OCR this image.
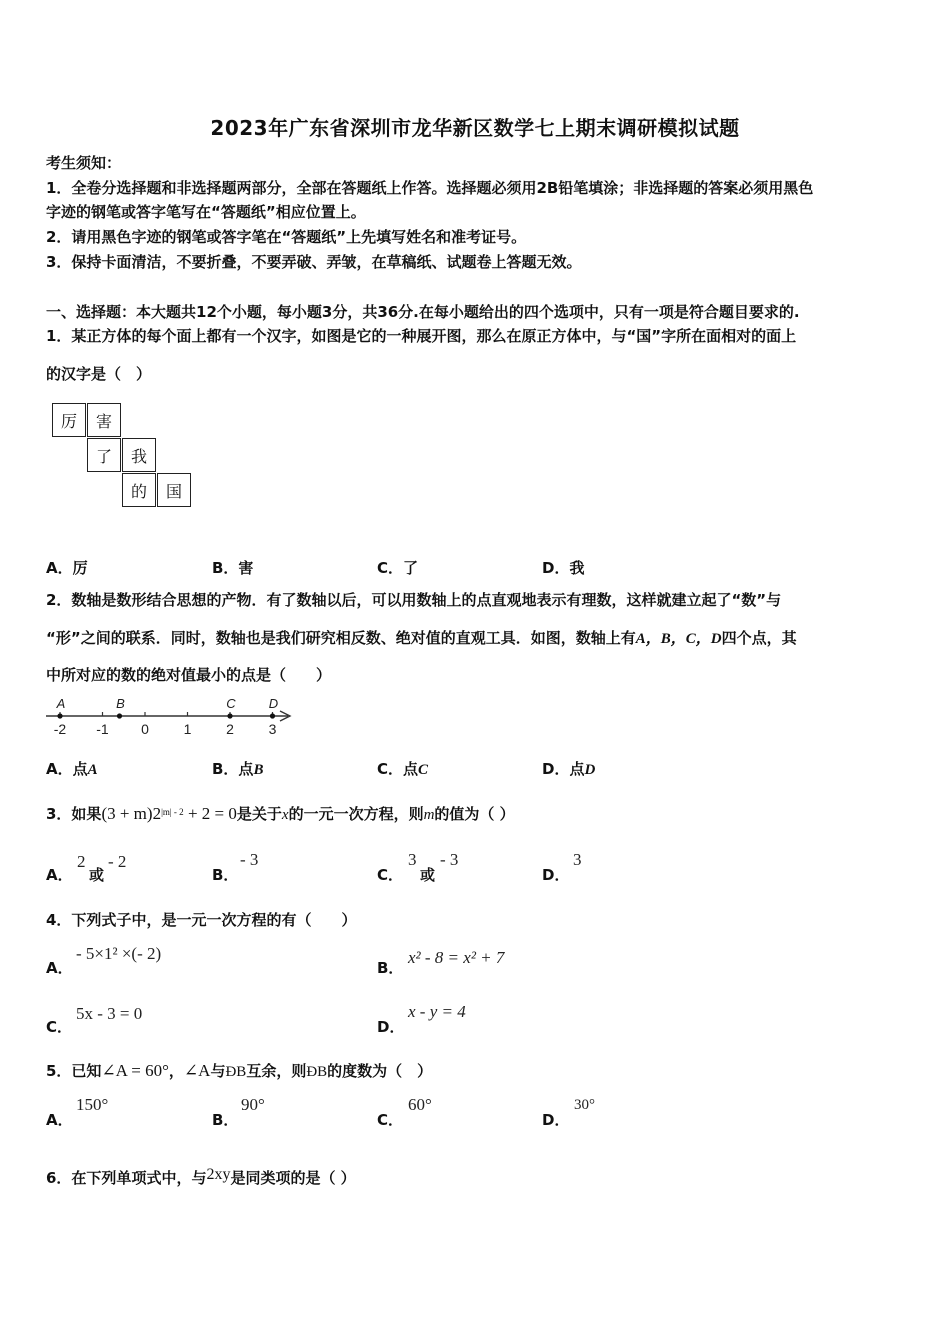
2023年广东省深圳市龙华新区数学七上期末调研模拟试题
考生须知：
1．全卷分选择题和非选择题两部分，全部在答题纸上作答。选择题必须用2B铅笔填涂；非选择题的答案必须用黑色
字迹的钢笔或答字笔写在“答题纸”相应位置上。
2．请用黑色字迹的钢笔或答字笔在“答题纸”上先填写姓名和准考证号。
3．保持卡面清洁，不要折叠，不要弄破、弄皱，在草稿纸、试题卷上答题无效。
一、选择题：本大题共12个小题，每小题3分，共36分.在每小题给出的四个选项中，只有一项是符合题目要求的.
1．某正方体的每个面上都有一个汉字，如图是它的一种展开图，那么在原正方体中，与“国”字所在面相对的面上
的汉字是（　）
厉	害
了	我
的	国
A．厉	B．害	C．了	D．我
2．数轴是数形结合思想的产物．有了数轴以后，可以用数轴上的点直观地表示有理数，这样就建立起了“数”与
“形”之间的联系．同时，数轴也是我们研究相反数、绝对值的直观工具．如图，数轴上有A，B，C，D四个点，其
中所对应的数的绝对值最小的点是（　　）
-2 -1 0 1 2 3
A	B	C	D
A．点A	B．点B	C．点C	D．点D
3．如果$(3 + m)2^{|m| - 2} + 2 = 0$是关于x的一元一次方程，则m的值为（ ）
A．
2
或
- 2
B．
- 3
C．
3
或
- 3
D．
3
4．下列式子中，是一元一次方程的有（　　）
A．
- 5×1² ×(- 2)
B．
x² - 8 = x² + 7
C．
5x - 3 = 0
D．
x - y = 4
5．已知∠A = 60°，∠A与ÐB互余，则ÐB的度数为（　）
A．
150°
B．
90°
C．
60°
D．
30°
6．在下列单项式中，与2xy是同类项的是（ ）
